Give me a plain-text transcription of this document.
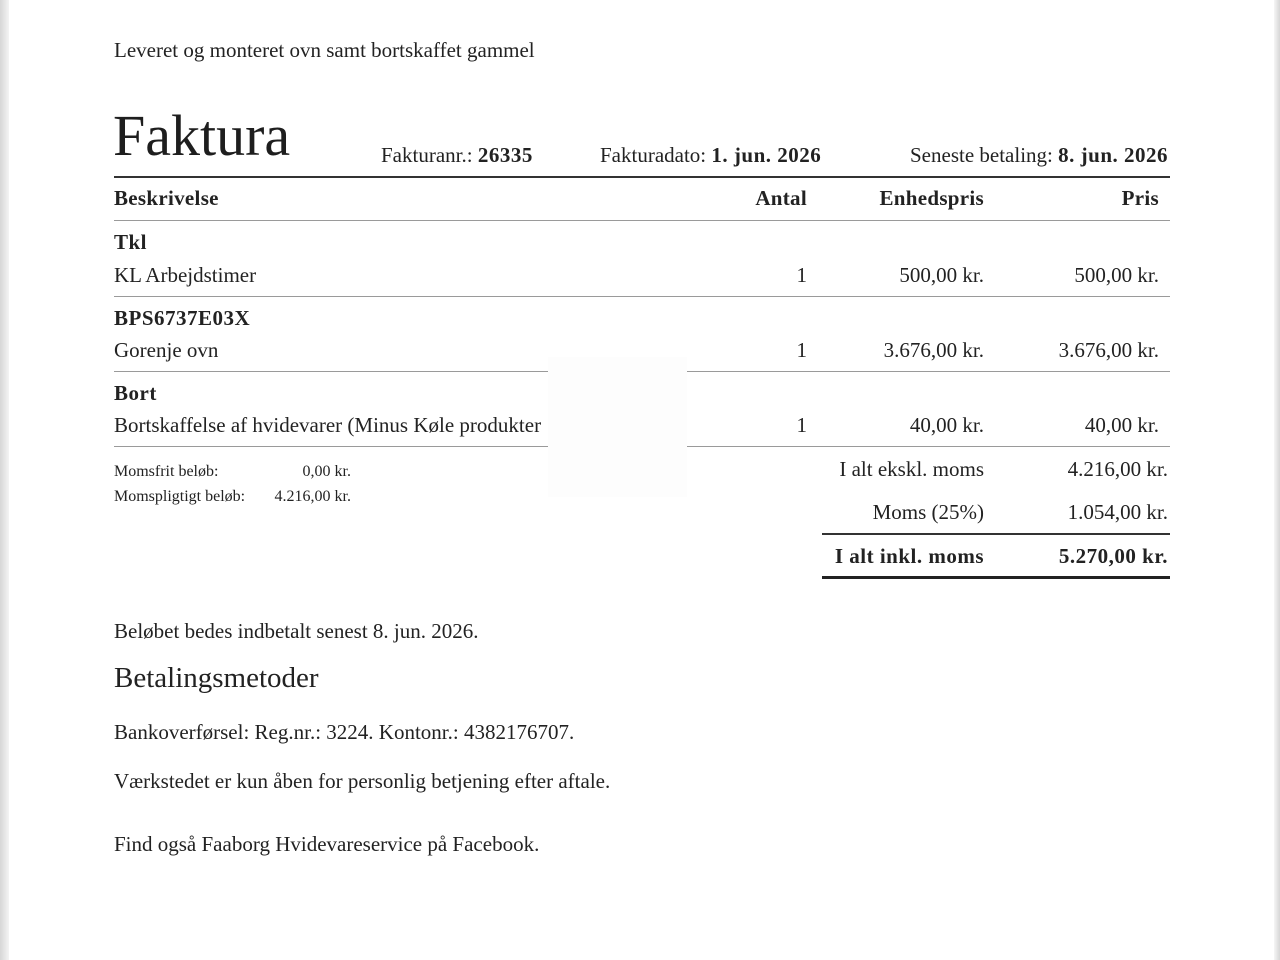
Leveret og monteret ovn samt bortskaffet gammel
Faktura	Fakturanr.: 26335	Fakturadato: 1. jun. 2026	Seneste betaling: 8. jun. 2026
Beskrivelse	Antal	Enhedspris	Pris
Tkl
KL Arbejdstimer	1	500,00 kr.	500,00 kr.
BPS6737E03X
Gorenje ovn	1	3.676,00 kr.	3.676,00 kr.
Bort
Bortskaffelse af hvidevarer (Minus Køle produkter	1	40,00 kr.	40,00 kr.
Momsfrit beløb:	0,00 kr.
Momspligtigt beløb: 4.216,00 kr.
I alt ekskl. moms	4.216,00 kr.
Moms (25%)	1.054,00 kr.
I alt inkl. moms	5.270,00 kr.
Beløbet bedes indbetalt senest 8. jun. 2026.
Betalingsmetoder
Bankoverførsel: Reg.nr.: 3224. Kontonr.: 4382176707.
Værkstedet er kun åben for personlig betjening efter aftale.
Find også Faaborg Hvidevareservice på Facebook.
